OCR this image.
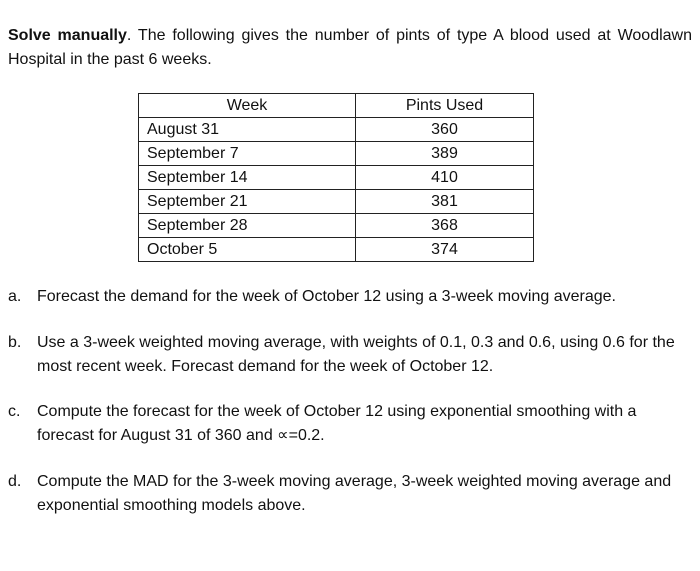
Solve manually. The following gives the number of pints of type A blood used at Woodlawn Hospital in the past 6 weeks.

Week	Pints Used
August 31	360
September 7	389
September 14	410
September 21	381
September 28	368
October 5	374
a. Forecast the demand for the week of October 12 using a 3-week moving average.
b. Use a 3-week weighted moving average, with weights of 0.1, 0.3 and 0.6, using 0.6 for the most recent week. Forecast demand for the week of October 12.
c. Compute the forecast for the week of October 12 using exponential smoothing with a forecast for August 31 of 360 and ∝=0.2.
d. Compute the MAD for the 3-week moving average, 3-week weighted moving average and exponential smoothing models above.
